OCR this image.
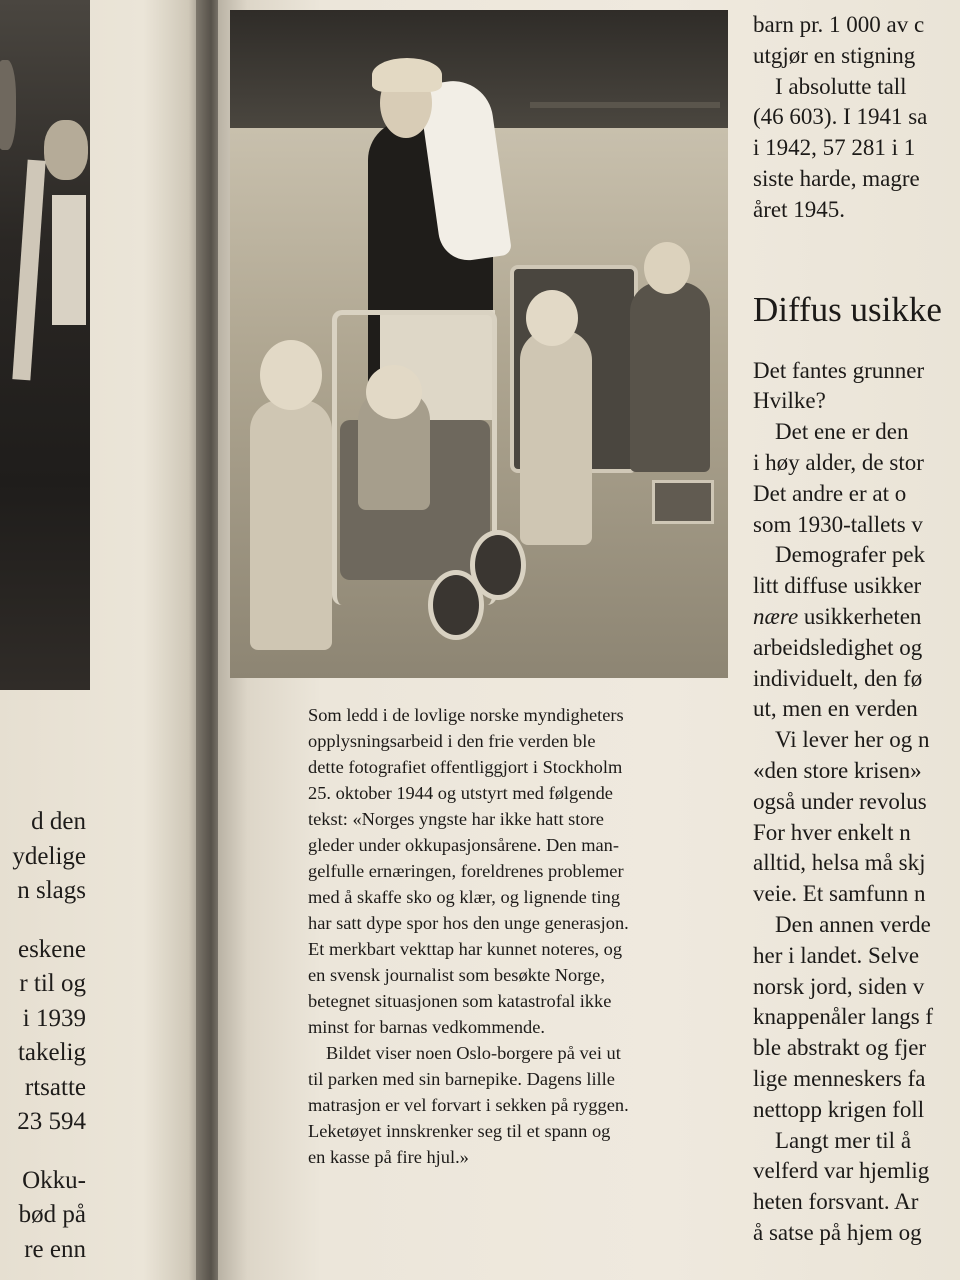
d den

ydelige

n slags

eskene

r til og

i 1939

takelig

rtsatte

23 594

Okku-

bød på

re enn

Som ledd i de lovlige norske myndigheters

opplysningsarbeid i den frie verden ble

dette fotografiet offentliggjort i Stockholm

25. oktober 1944 og utstyrt med følgende

tekst: «Norges yngste har ikke hatt store

gleder under okkupasjonsårene. Den man-

gelfulle ernæringen, foreldrenes problemer

med å skaffe sko og klær, og lignende ting

har satt dype spor hos den unge generasjon.

Et merkbart vekttap har kunnet noteres, og

en svensk journalist som besøkte Norge,

betegnet situasjonen som katastrofal ikke

minst for barnas vedkommende.

Bildet viser noen Oslo-borgere på vei ut

til parken med sin barnepike. Dagens lille

matrasjon er vel forvart i sekken på ryggen.

Leketøyet innskrenker seg til et spann og

en kasse på fire hjul.»

barn pr. 1 000 av c

utgjør en stigning

I absolutte tall

(46 603). I 1941 sa

i 1942, 57 281 i 1

siste harde, magre

året 1945.

Diffus usikke

Det fantes grunner

Hvilke?

Det ene er den

i høy alder, de stor

Det andre er at o

som 1930-tallets v

Demografer pek

litt diffuse usikker

nære usikkerheten

arbeidsledighet og

individuelt, den fø

ut, men en verden

Vi lever her og n

«den store krisen»

også under revolus

For hver enkelt n

alltid, helsa må skj

veie. Et samfunn n

Den annen verde

her i landet. Selve

norsk jord, siden v

knappenåler langs f

ble abstrakt og fjer

lige menneskers fa

nettopp krigen foll

Langt mer til å

velferd var hjemlig

heten forsvant. Ar

å satse på hjem og
